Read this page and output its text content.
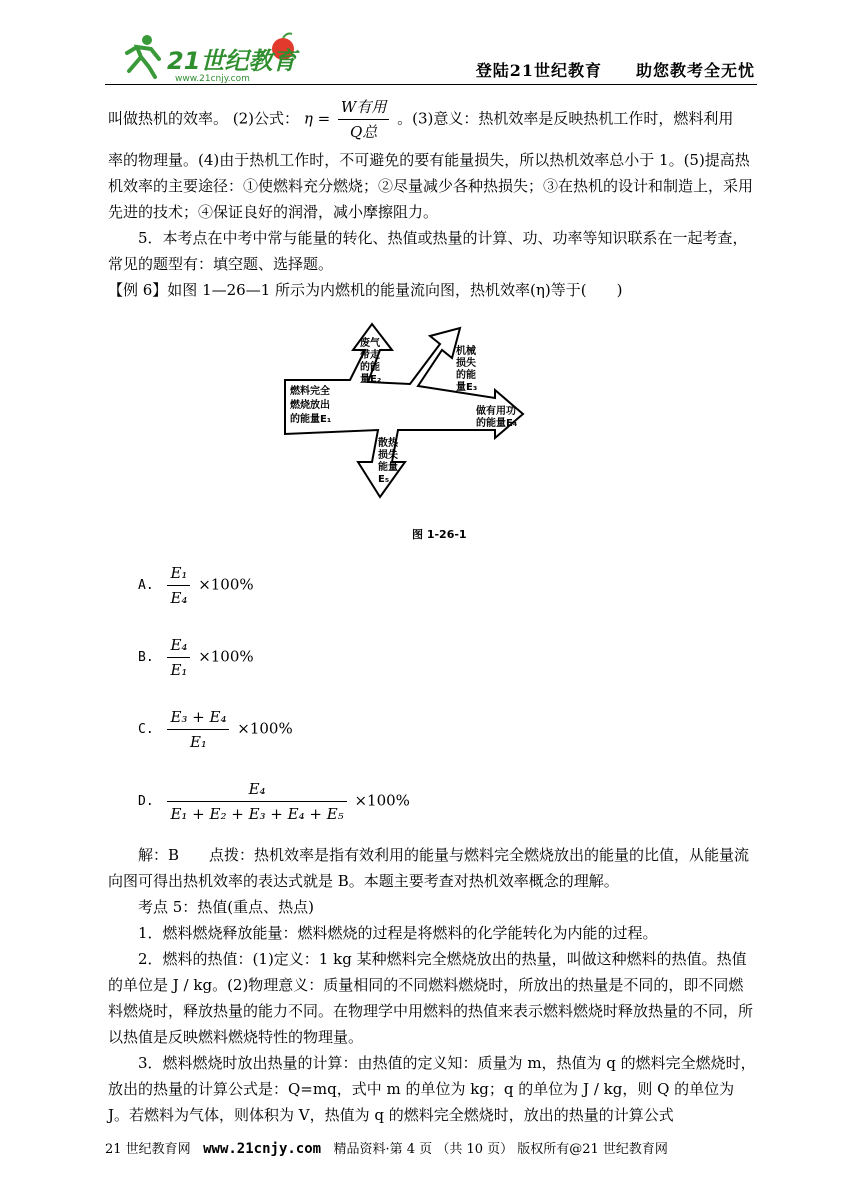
21世纪教育
www.21cnjy.com	登陆21世纪教育　　助您教考全无忧

叫做热机的效率。 (2)公式： $\eta = \frac{\text{W有用}}{\text{Q总}}$ 。(3)意义：热机效率是反映热机工作时，燃料利用

率的物理量。(4)由于热机工作时，不可避免的要有能量损失，所以热机效率总小于 1。(5)提高热机效率的主要途径：①使燃料充分燃烧；②尽量减少各种热损失；③在热机的设计和制造上，采用先进的技术；④保证良好的润滑，减小摩擦阻力。

5．本考点在中考中常与能量的转化、热值或热量的计算、功、功率等知识联系在一起考查，常见的题型有：填空题、选择题。

【例 6】如图 1—26—1 所示为内燃机的能量流向图，热机效率(η)等于(　　)

燃料完全
燃烧放出
的能量E₁
废气
带走
的能
量E₂
机械
损失
的能
量E₃
做有用功
的能量E₄
散热
损失
能量
E₅
图 1-26-1
A. $\frac{\text{E₁}}{\text{E₄}} \times 100\%$
B. $\frac{\text{E₄}}{\text{E₁}} \times 100\%$
C. $\frac{\text{E₃ + E₄}}{\text{E₁}} \times 100\%$
D. $\frac{\text{E₄}}{\text{E₁ + E₂ + E₃ + E₄ + E₅}} \times 100\%$

解：B　　点拨：热机效率是指有效利用的能量与燃料完全燃烧放出的能量的比值，从能量流向图可得出热机效率的表达式就是 B。本题主要考查对热机效率概念的理解。

考点 5：热值(重点、热点)

1．燃料燃烧释放能量：燃料燃烧的过程是将燃料的化学能转化为内能的过程。

2．燃料的热值：(1)定义：1 kg 某种燃料完全燃烧放出的热量，叫做这种燃料的热值。热值的单位是 J / kg。(2)物理意义：质量相同的不同燃料燃烧时，所放出的热量是不同的，即不同燃料燃烧时，释放热量的能力不同。在物理学中用燃料的热值来表示燃料燃烧时释放热量的不同，所以热值是反映燃料燃烧特性的物理量。

3．燃料燃烧时放出热量的计算：由热值的定义知：质量为 m，热值为 q 的燃料完全燃烧时，放出的热量的计算公式是：Q=mq，式中 m 的单位为 kg；q 的单位为 J / kg，则 Q 的单位为 J。若燃料为气体，则体积为 V，热值为 q 的燃料完全燃烧时，放出的热量的计算公式

21 世纪教育网 www.21cnjy.com 精品资料·第 4 页 （共 10 页） 版权所有@21 世纪教育网
